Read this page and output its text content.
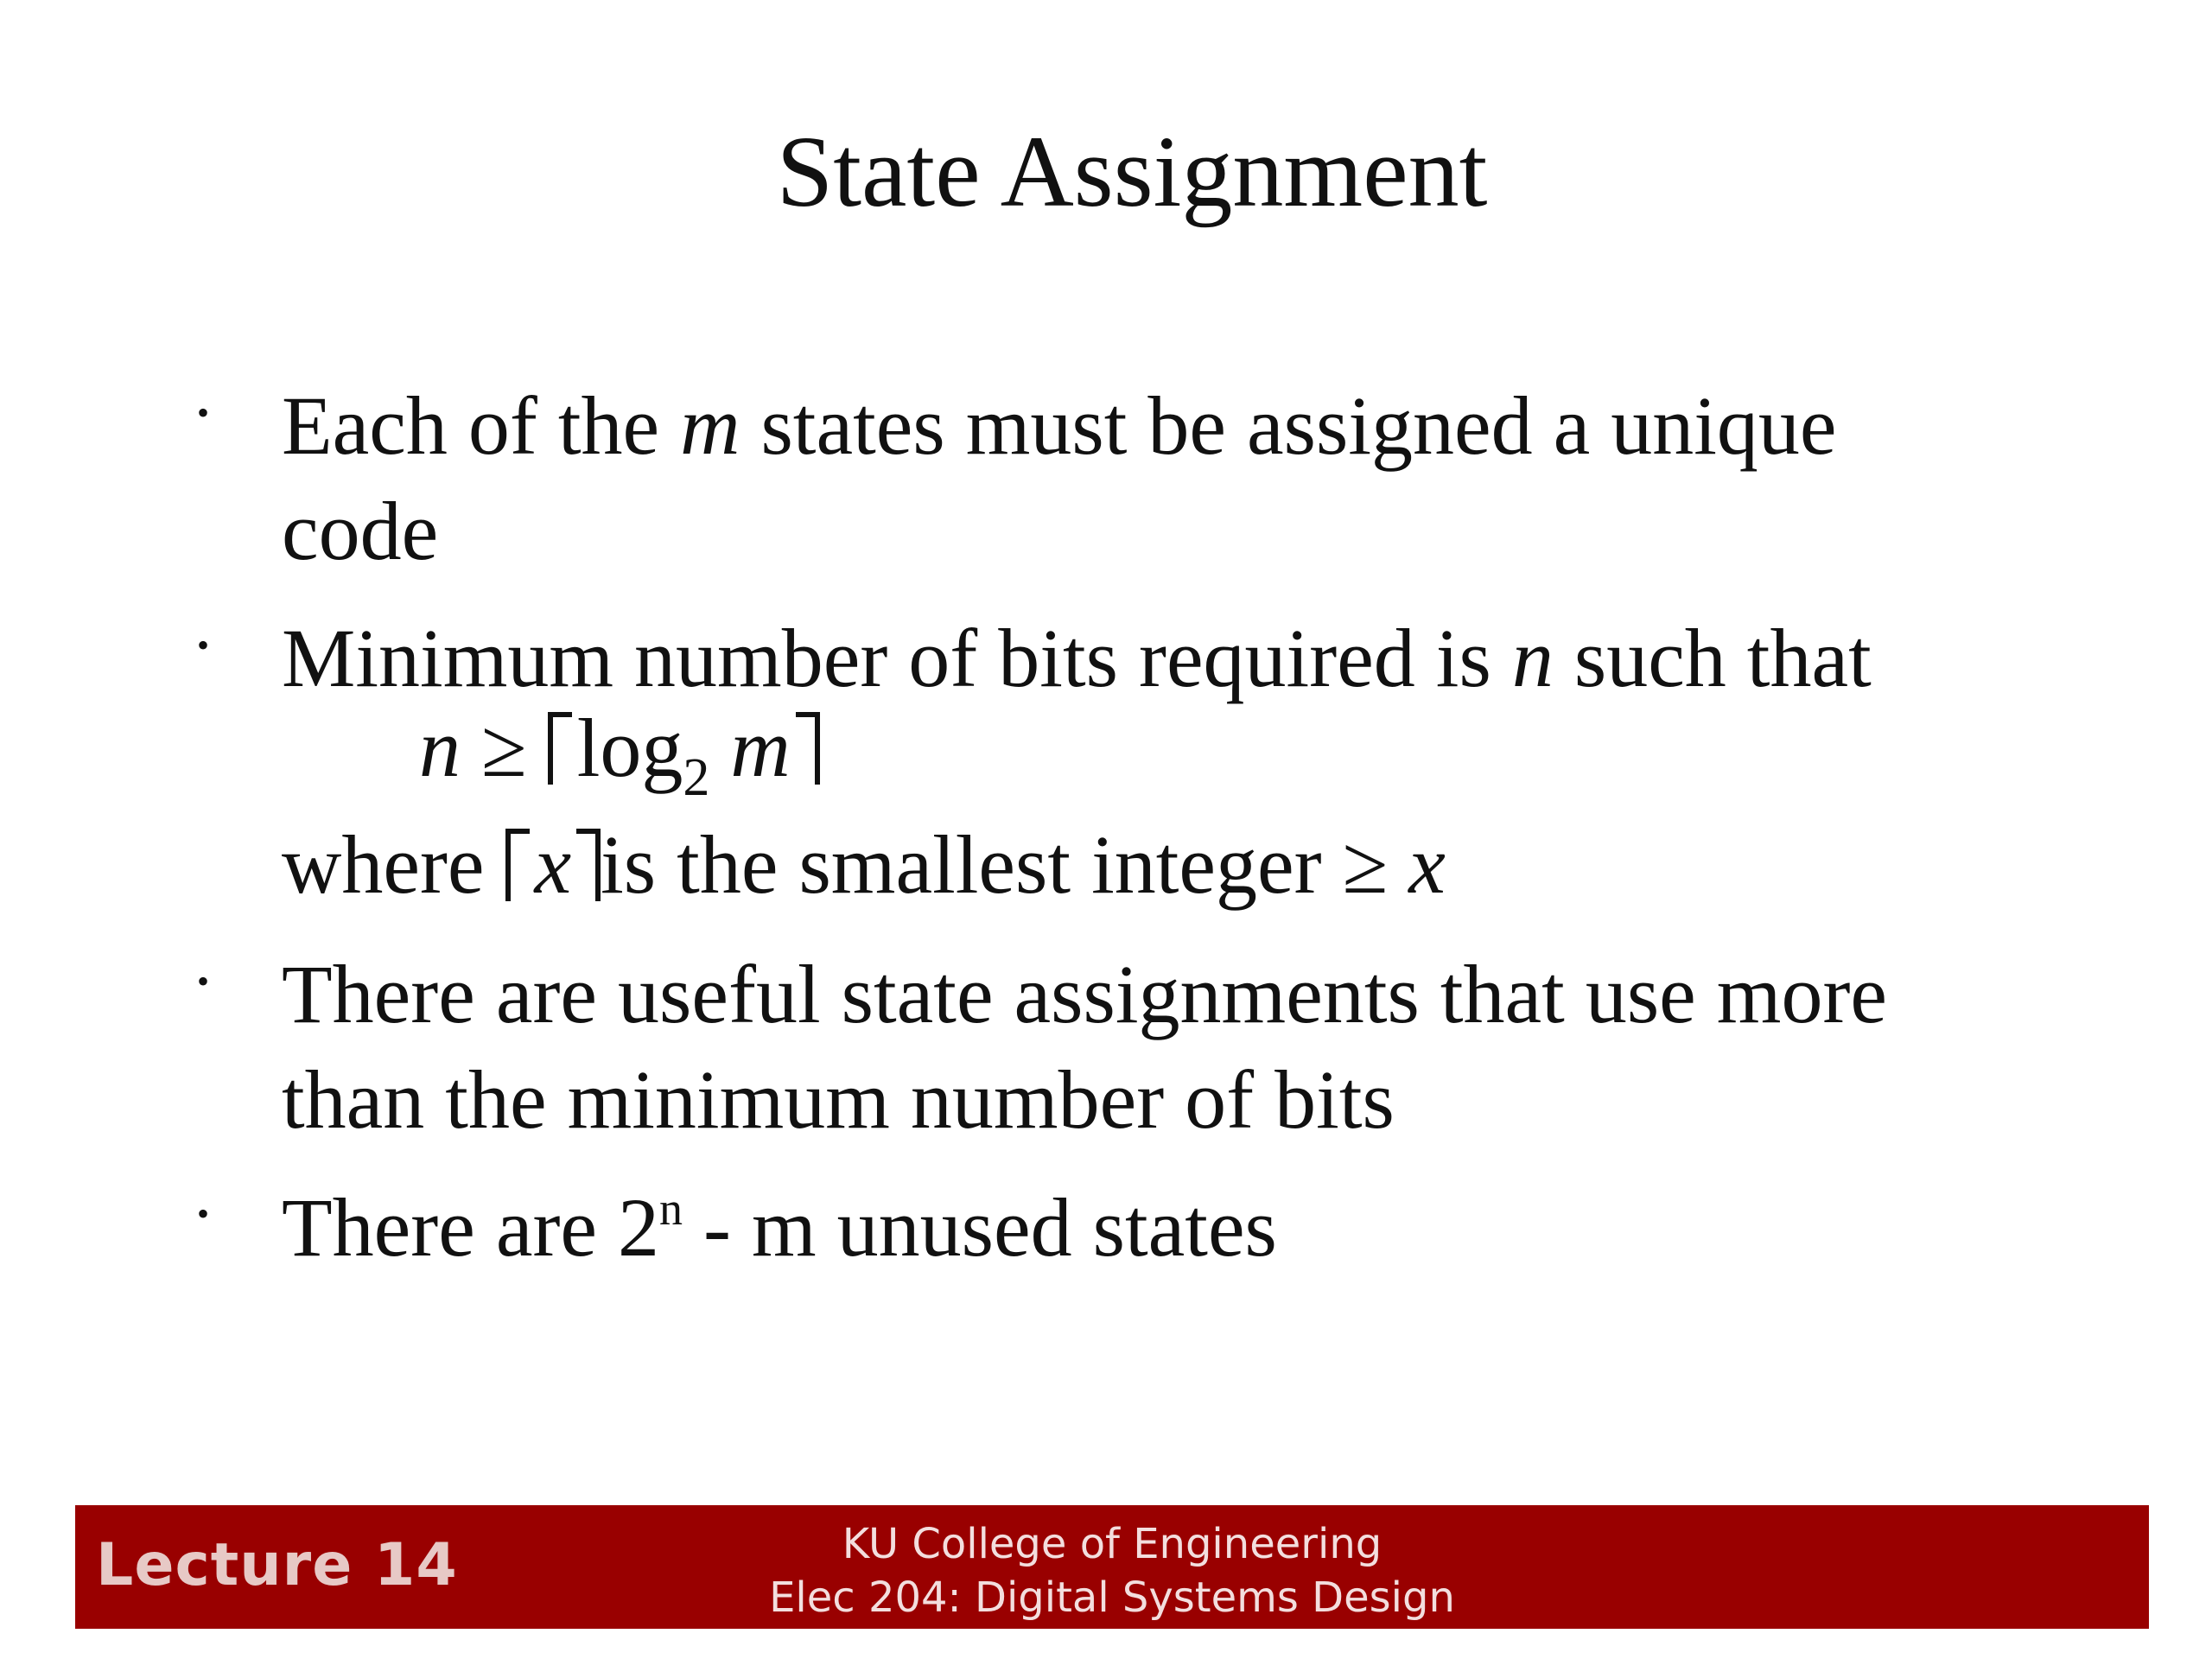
State Assignment
• Each of the m states must be assigned a unique
code
• Minimum number of bits required is n such that
$n \ge \log_2 m$
where x is the smallest integer ≥ x
• There are useful state assignments that use more
than the minimum number of bits
• There are 2$^n$ - m unused states
Lecture 14	KU College of Engineering
Elec 204: Digital Systems Design
